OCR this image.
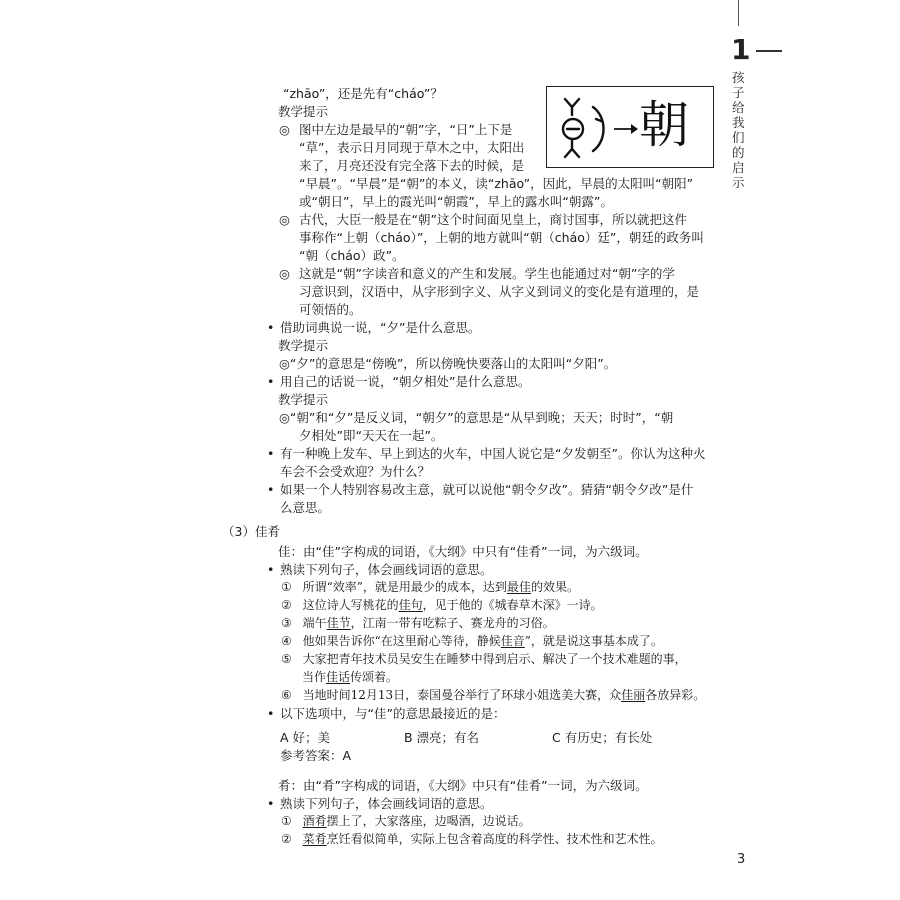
1
孩子给我们的启示
朝
“zhāo”，还是先有“cháo”？
教学提示
◎ 图中左边是最早的“朝”字，“日”上下是
“草”，表示日月同现于草木之中，太阳出
来了，月亮还没有完全落下去的时候，是
“早晨”。“早晨”是“朝”的本义，读“zhāo”，因此，早晨的太阳叫“朝阳”
或“朝日”，早上的霞光叫“朝霞”，早上的露水叫“朝露”。
◎ 古代，大臣一般是在“朝”这个时间面见皇上，商讨国事，所以就把这件
事称作“上朝（cháo）”，上朝的地方就叫“朝（cháo）廷”，朝廷的政务叫
“朝（cháo）政”。
◎ 这就是“朝”字读音和意义的产生和发展。学生也能通过对“朝”字的学
习意识到，汉语中，从字形到字义、从字义到词义的变化是有道理的，是
可领悟的。
• 借助词典说一说，“夕”是什么意思。
教学提示
◎“夕”的意思是“傍晚”，所以傍晚快要落山的太阳叫“夕阳”。
• 用自己的话说一说，“朝夕相处”是什么意思。
教学提示
◎“朝”和“夕”是反义词，“朝夕”的意思是“从早到晚；天天；时时”，“朝
夕相处”即“天天在一起”。
• 有一种晚上发车、早上到达的火车，中国人说它是“夕发朝至”。你认为这种火
车会不会受欢迎？为什么？
• 如果一个人特别容易改主意，就可以说他“朝令夕改”。猜猜“朝令夕改”是什
么意思。
（3）佳肴
佳：由“佳”字构成的词语，《大纲》中只有“佳肴”一词，为六级词。
• 熟读下列句子，体会画线词语的意思。
① 所谓“效率”，就是用最少的成本，达到最佳的效果。
② 这位诗人写桃花的佳句，见于他的《城春草木深》一诗。
③ 端午佳节，江南一带有吃粽子、赛龙舟的习俗。
④ 他如果告诉你“在这里耐心等待，静候佳音”，就是说这事基本成了。
⑤ 大家把青年技术员吴安生在睡梦中得到启示、解决了一个技术难题的事，
当作佳话传颂着。
⑥ 当地时间12月13日，泰国曼谷举行了环球小姐选美大赛，众佳丽各放异彩。
• 以下选项中，与“佳”的意思最接近的是：
A 好；美	B 漂亮；有名	C 有历史；有长处
参考答案：A
肴：由“肴”字构成的词语，《大纲》中只有“佳肴”一词，为六级词。
• 熟读下列句子，体会画线词语的意思。
① 酒肴摆上了，大家落座，边喝酒，边说话。
② 菜肴烹饪看似简单，实际上包含着高度的科学性、技术性和艺术性。
3
